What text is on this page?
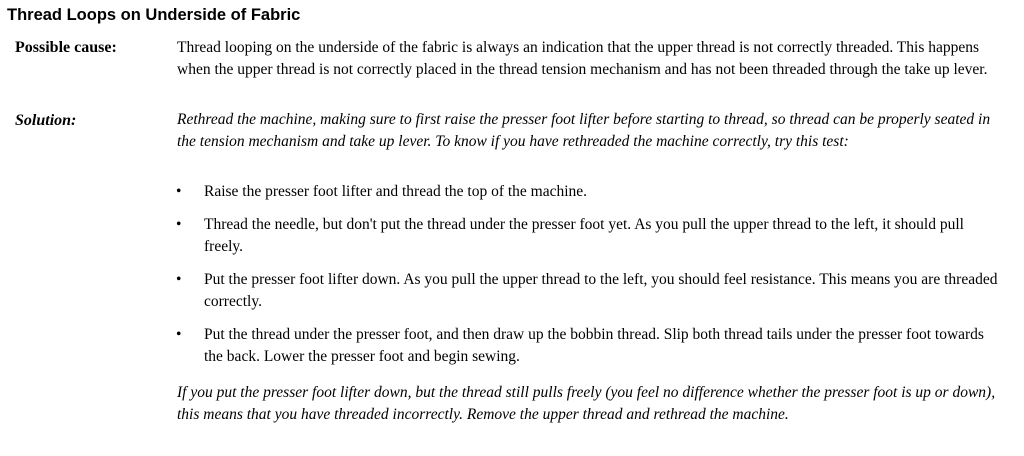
Thread Loops on Underside of Fabric
Possible cause:	Thread looping on the underside of the fabric is always an indication that the upper thread is not correctly threaded. This happens when the upper thread is not correctly placed in the thread tension mechanism and has not been threaded through the take up lever.

Solution:	Rethread the machine, making sure to first raise the presser foot lifter before starting to thread, so thread can be properly seated in the tension mechanism and take up lever. To know if you have rethreaded the machine correctly, try this test:

• Raise the presser foot lifter and thread the top of the machine.
• Thread the needle, but don't put the thread under the presser foot yet. As you pull the upper thread to the left, it should pull freely.
• Put the presser foot lifter down. As you pull the upper thread to the left, you should feel resistance. This means you are threaded correctly.
• Put the thread under the presser foot, and then draw up the bobbin thread. Slip both thread tails under the presser foot towards the back. Lower the presser foot and begin sewing.

If you put the presser foot lifter down, but the thread still pulls freely (you feel no difference whether the presser foot is up or down), this means that you have threaded incorrectly. Remove the upper thread and rethread the machine.
